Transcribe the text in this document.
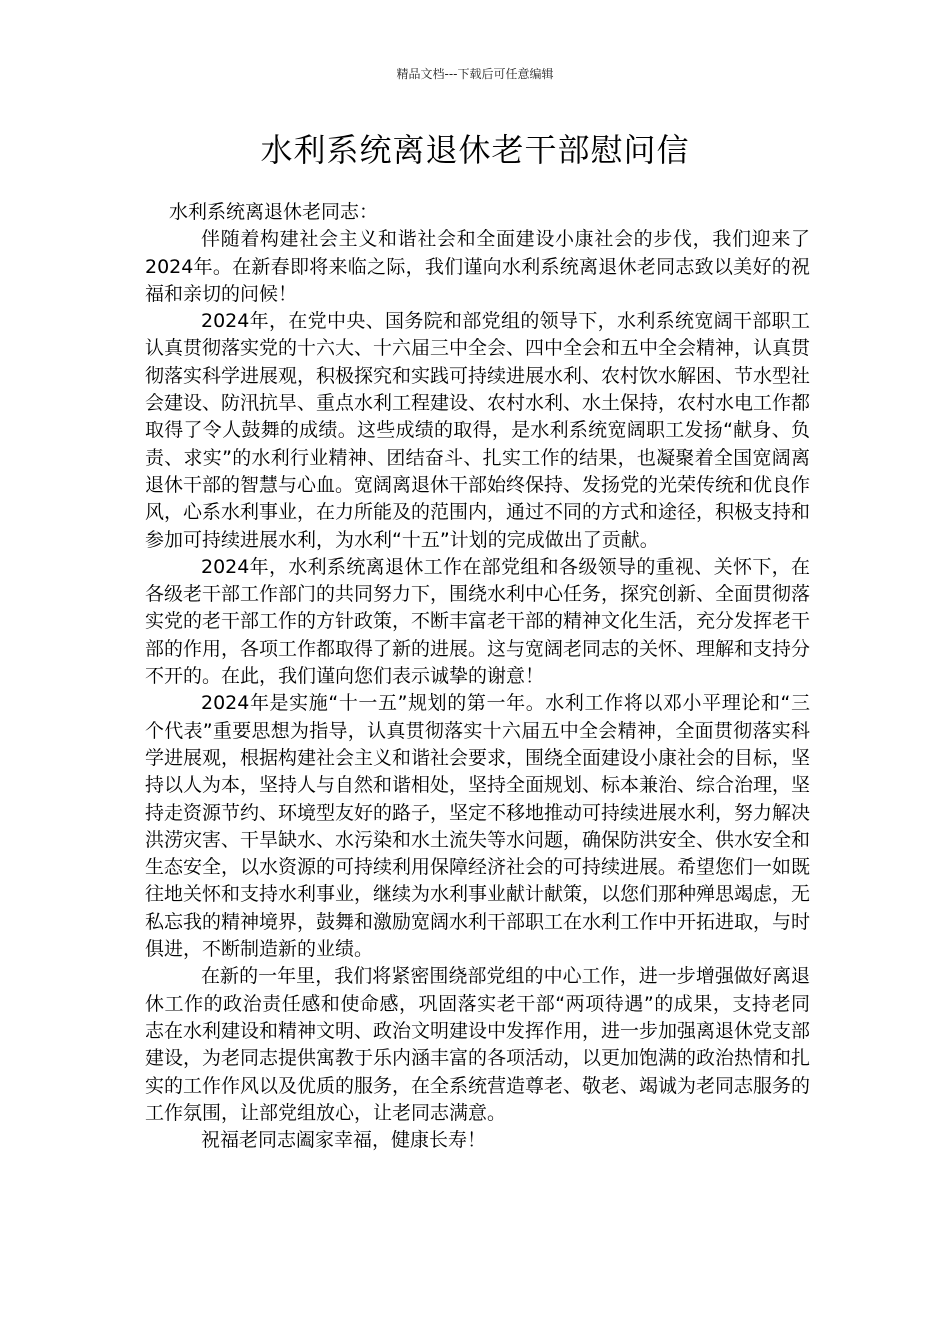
精品文档---下载后可任意编辑
水利系统离退休老干部慰问信

水利系统离退休老同志：

伴随着构建社会主义和谐社会和全面建设小康社会的步伐，我们迎来了2024年。在新春即将来临之际，我们谨向水利系统离退休老同志致以美好的祝福和亲切的问候！

2024年，在党中央、国务院和部党组的领导下，水利系统宽阔干部职工认真贯彻落实党的十六大、十六届三中全会、四中全会和五中全会精神，认真贯彻落实科学进展观，积极探究和实践可持续进展水利、农村饮水解困、节水型社会建设、防汛抗旱、重点水利工程建设、农村水利、水土保持，农村水电工作都取得了令人鼓舞的成绩。这些成绩的取得，是水利系统宽阔职工发扬“献身、负责、求实”的水利行业精神、团结奋斗、扎实工作的结果，也凝聚着全国宽阔离退休干部的智慧与心血。宽阔离退休干部始终保持、发扬党的光荣传统和优良作风，心系水利事业，在力所能及的范围内，通过不同的方式和途径，积极支持和参加可持续进展水利，为水利“十五”计划的完成做出了贡献。

2024年，水利系统离退休工作在部党组和各级领导的重视、关怀下，在各级老干部工作部门的共同努力下，围绕水利中心任务，探究创新、全面贯彻落实党的老干部工作的方针政策，不断丰富老干部的精神文化生活，充分发挥老干部的作用，各项工作都取得了新的进展。这与宽阔老同志的关怀、理解和支持分不开的。在此，我们谨向您们表示诚挚的谢意！

2024年是实施“十一五”规划的第一年。水利工作将以邓小平理论和“三个代表”重要思想为指导，认真贯彻落实十六届五中全会精神，全面贯彻落实科学进展观，根据构建社会主义和谐社会要求，围绕全面建设小康社会的目标，坚持以人为本，坚持人与自然和谐相处，坚持全面规划、标本兼治、综合治理，坚持走资源节约、环境型友好的路子，坚定不移地推动可持续进展水利，努力解决洪涝灾害、干旱缺水、水污染和水土流失等水问题，确保防洪安全、供水安全和生态安全，以水资源的可持续利用保障经济社会的可持续进展。希望您们一如既往地关怀和支持水利事业，继续为水利事业献计献策，以您们那种殚思竭虑，无私忘我的精神境界，鼓舞和激励宽阔水利干部职工在水利工作中开拓进取，与时俱进，不断制造新的业绩。

在新的一年里，我们将紧密围绕部党组的中心工作，进一步增强做好离退休工作的政治责任感和使命感，巩固落实老干部“两项待遇”的成果，支持老同志在水利建设和精神文明、政治文明建设中发挥作用，进一步加强离退休党支部建设，为老同志提供寓教于乐内涵丰富的各项活动，以更加饱满的政治热情和扎实的工作作风以及优质的服务，在全系统营造尊老、敬老、竭诚为老同志服务的工作氛围，让部党组放心，让老同志满意。

祝福老同志阖家幸福，健康长寿！
